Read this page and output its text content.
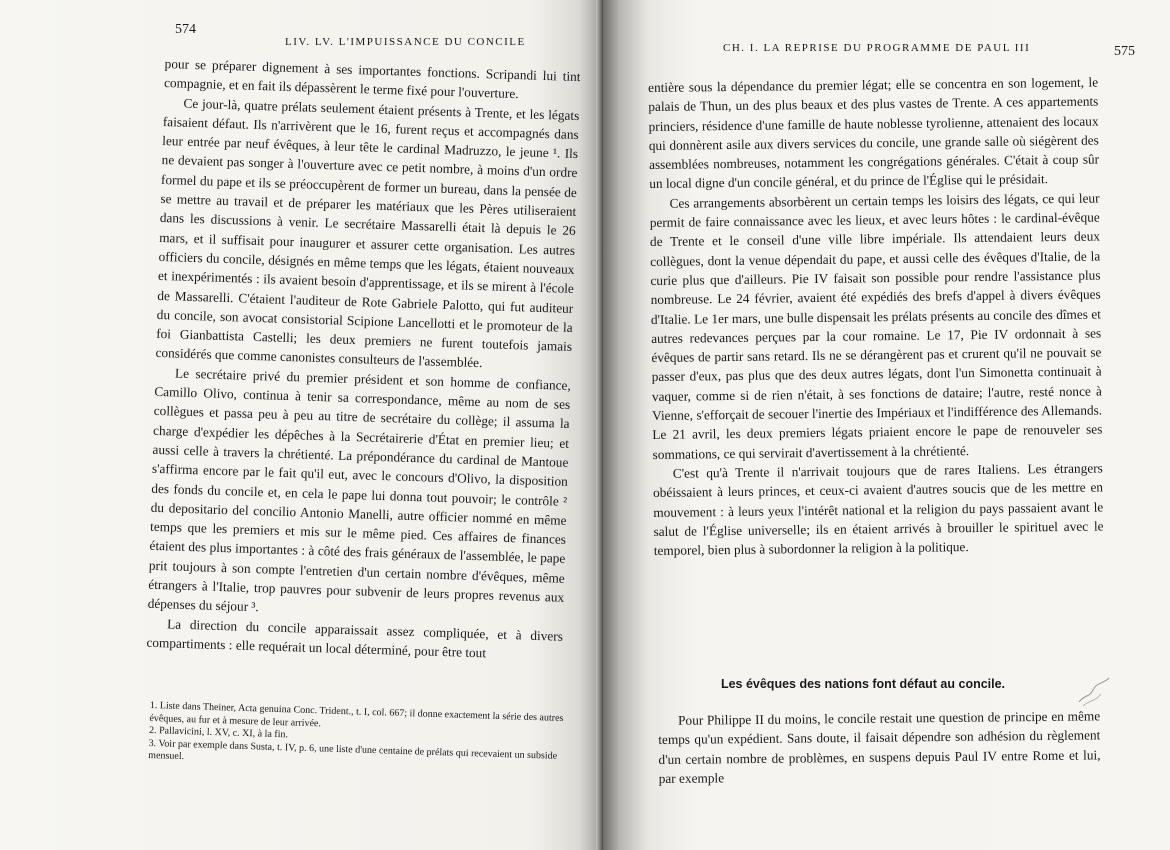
574
LIV. LV. L'IMPUISSANCE DU CONCILE

pour se préparer dignement à ses importantes fonctions. Scripandi lui tint compagnie, et en fait ils dépassèrent le terme fixé pour l'ouverture.

Ce jour-là, quatre prélats seulement étaient présents à Trente, et les légats faisaient défaut. Ils n'arrivèrent que le 16, furent reçus et accompagnés dans leur entrée par neuf évêques, à leur tête le cardinal Madruzzo, le jeune ¹. Ils ne devaient pas songer à l'ouverture avec ce petit nombre, à moins d'un ordre formel du pape et ils se préoccupèrent de former un bureau, dans la pensée de se mettre au travail et de préparer les matériaux que les Pères utiliseraient dans les discussions à venir. Le secrétaire Massarelli était là depuis le 26 mars, et il suffisait pour inaugurer et assurer cette organisation. Les autres officiers du concile, désignés en même temps que les légats, étaient nouveaux et inexpérimentés : ils avaient besoin d'apprentissage, et ils se mirent à l'école de Massarelli. C'étaient l'auditeur de Rote Gabriele Palotto, qui fut auditeur du concile, son avocat consistorial Scipione Lancellotti et le promoteur de la foi Gianbattista Castelli; les deux premiers ne furent toutefois jamais considérés que comme canonistes consulteurs de l'assemblée.

Le secrétaire privé du premier président et son homme de confiance, Camillo Olivo, continua à tenir sa correspondance, même au nom de ses collègues et passa peu à peu au titre de secrétaire du collège; il assuma la charge d'expédier les dépêches à la Secrétairerie d'État en premier lieu; et aussi celle à travers la chrétienté. La prépondérance du cardinal de Mantoue s'affirma encore par le fait qu'il eut, avec le concours d'Olivo, la disposition des fonds du concile et, en cela le pape lui donna tout pouvoir; le contrôle ² du depositario del concilio Antonio Manelli, autre officier nommé en même temps que les premiers et mis sur le même pied. Ces affaires de finances étaient des plus importantes : à côté des frais généraux de l'assemblée, le pape prit toujours à son compte l'entretien d'un certain nombre d'évêques, même étrangers à l'Italie, trop pauvres pour subvenir de leurs propres revenus aux dépenses du séjour ³.

La direction du concile apparaissait assez compliquée, et à divers compartiments : elle requérait un local déterminé, pour être tout

1. Liste dans Theiner, Acta genuina Conc. Trident., t. I, col. 667; il donne exactement la série des autres évêques, au fur et à mesure de leur arrivée.

2. Pallavicini, l. XV, c. XI, à la fin.

3. Voir par exemple dans Susta, t. IV, p. 6, une liste d'une centaine de prélats qui recevaient un subside mensuel.

CH. I. LA REPRISE DU PROGRAMME DE PAUL III	575

entière sous la dépendance du premier légat; elle se concentra en son logement, le palais de Thun, un des plus beaux et des plus vastes de Trente. A ces appartements princiers, résidence d'une famille de haute noblesse tyrolienne, attenaient des locaux qui donnèrent asile aux divers services du concile, une grande salle où siégèrent des assemblées nombreuses, notamment les congrégations générales. C'était à coup sûr un local digne d'un concile général, et du prince de l'Église qui le présidait.

Ces arrangements absorbèrent un certain temps les loisirs des légats, ce qui leur permit de faire connaissance avec les lieux, et avec leurs hôtes : le cardinal-évêque de Trente et le conseil d'une ville libre impériale. Ils attendaient leurs deux collègues, dont la venue dépendait du pape, et aussi celle des évêques d'Italie, de la curie plus que d'ailleurs. Pie IV faisait son possible pour rendre l'assistance plus nombreuse. Le 24 février, avaient été expédiés des brefs d'appel à divers évêques d'Italie. Le 1er mars, une bulle dispensait les prélats présents au concile des dîmes et autres redevances perçues par la cour romaine. Le 17, Pie IV ordonnait à ses évêques de partir sans retard. Ils ne se dérangèrent pas et crurent qu'il ne pouvait se passer d'eux, pas plus que des deux autres légats, dont l'un Simonetta continuait à vaquer, comme si de rien n'était, à ses fonctions de dataire; l'autre, resté nonce à Vienne, s'efforçait de secouer l'inertie des Impériaux et l'indifférence des Allemands. Le 21 avril, les deux premiers légats priaient encore le pape de renouveler ses sommations, ce qui servirait d'avertissement à la chrétienté.

C'est qu'à Trente il n'arrivait toujours que de rares Italiens. Les étrangers obéissaient à leurs princes, et ceux-ci avaient d'autres soucis que de les mettre en mouvement : à leurs yeux l'intérêt national et la religion du pays passaient avant le salut de l'Église universelle; ils en étaient arrivés à brouiller le spirituel avec le temporel, bien plus à subordonner la religion à la politique.

Les évêques des nations font défaut au concile.

Pour Philippe II du moins, le concile restait une question de principe en même temps qu'un expédient. Sans doute, il faisait dépendre son adhésion du règlement d'un certain nombre de problèmes, en suspens depuis Paul IV entre Rome et lui, par exemple
